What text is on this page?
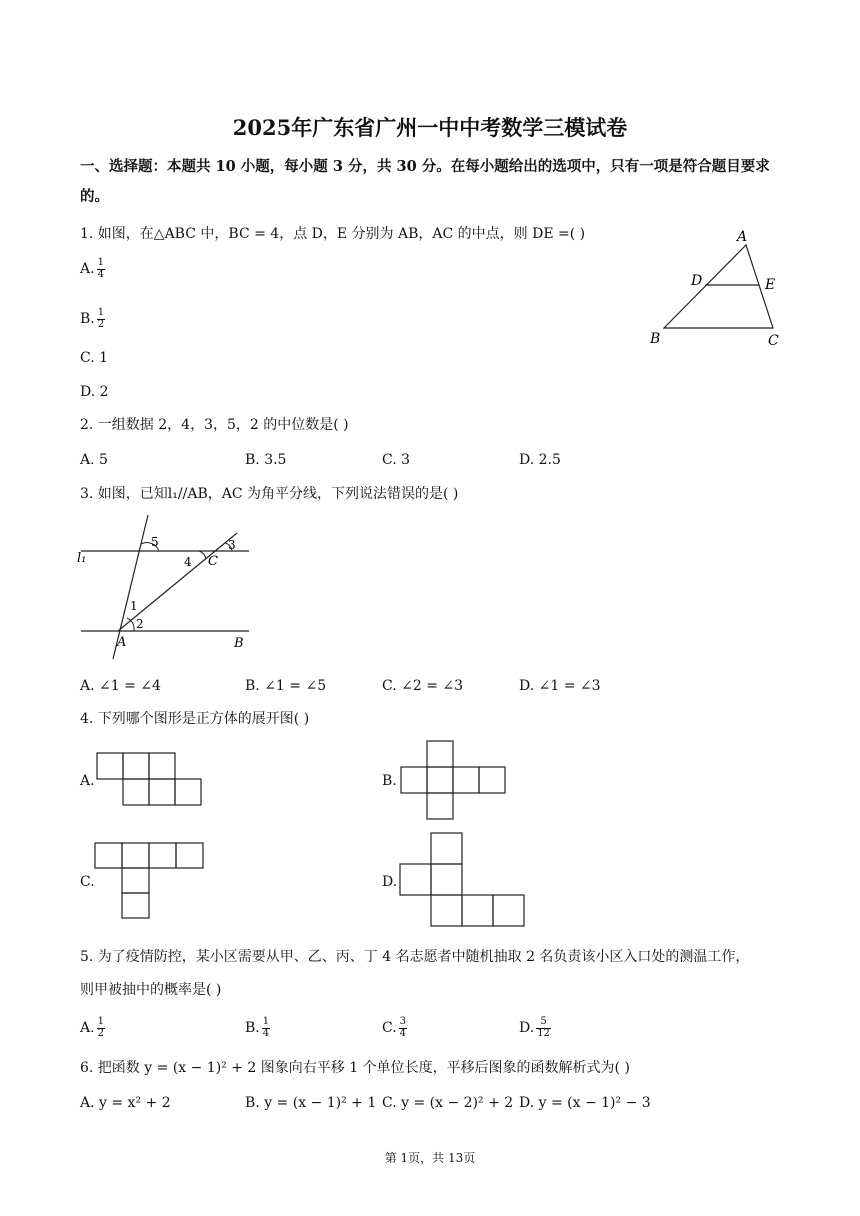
2025年广东省广州一中中考数学三模试卷
一、选择题：本题共 10 小题，每小题 3 分，共 30 分。在每小题给出的选项中，只有一项是符合题目要求
的。
1. 如图，在△ABC 中，BC = 4，点 D，E 分别为 AB，AC 的中点，则 DE =( )
A. $\frac{1}{4}$
B. $\frac{1}{2}$
C. 1
D. 2
A
D	E
B	C
2. 一组数据 2，4，3，5，2 的中位数是( )
A. 5	B. 3.5	C. 3	D. 2.5
3. 如图，已知l₁//AB，AC 为角平分线，下列说法错误的是( )
l₁
5
4 C
3
1
2
A	B
A. ∠1 = ∠4	B. ∠1 = ∠5	C. ∠2 = ∠3	D. ∠1 = ∠3
4. 下列哪个图形是正方体的展开图( )
A.	B.
C.	D.
5. 为了疫情防控，某小区需要从甲、乙、丙、丁 4 名志愿者中随机抽取 2 名负责该小区入口处的测温工作，
则甲被抽中的概率是( )
A. $\frac{1}{2}$	B. $\frac{1}{4}$	C. $\frac{3}{4}$	D. $\frac{5}{12}$
6. 把函数 y = (x − 1)² + 2 图象向右平移 1 个单位长度，平移后图象的函数解析式为( )
A. y = x² + 2	B. y = (x − 1)² + 1 C. y = (x − 2)² + 2 D. y = (x − 1)² − 3
第 1页，共 13页
